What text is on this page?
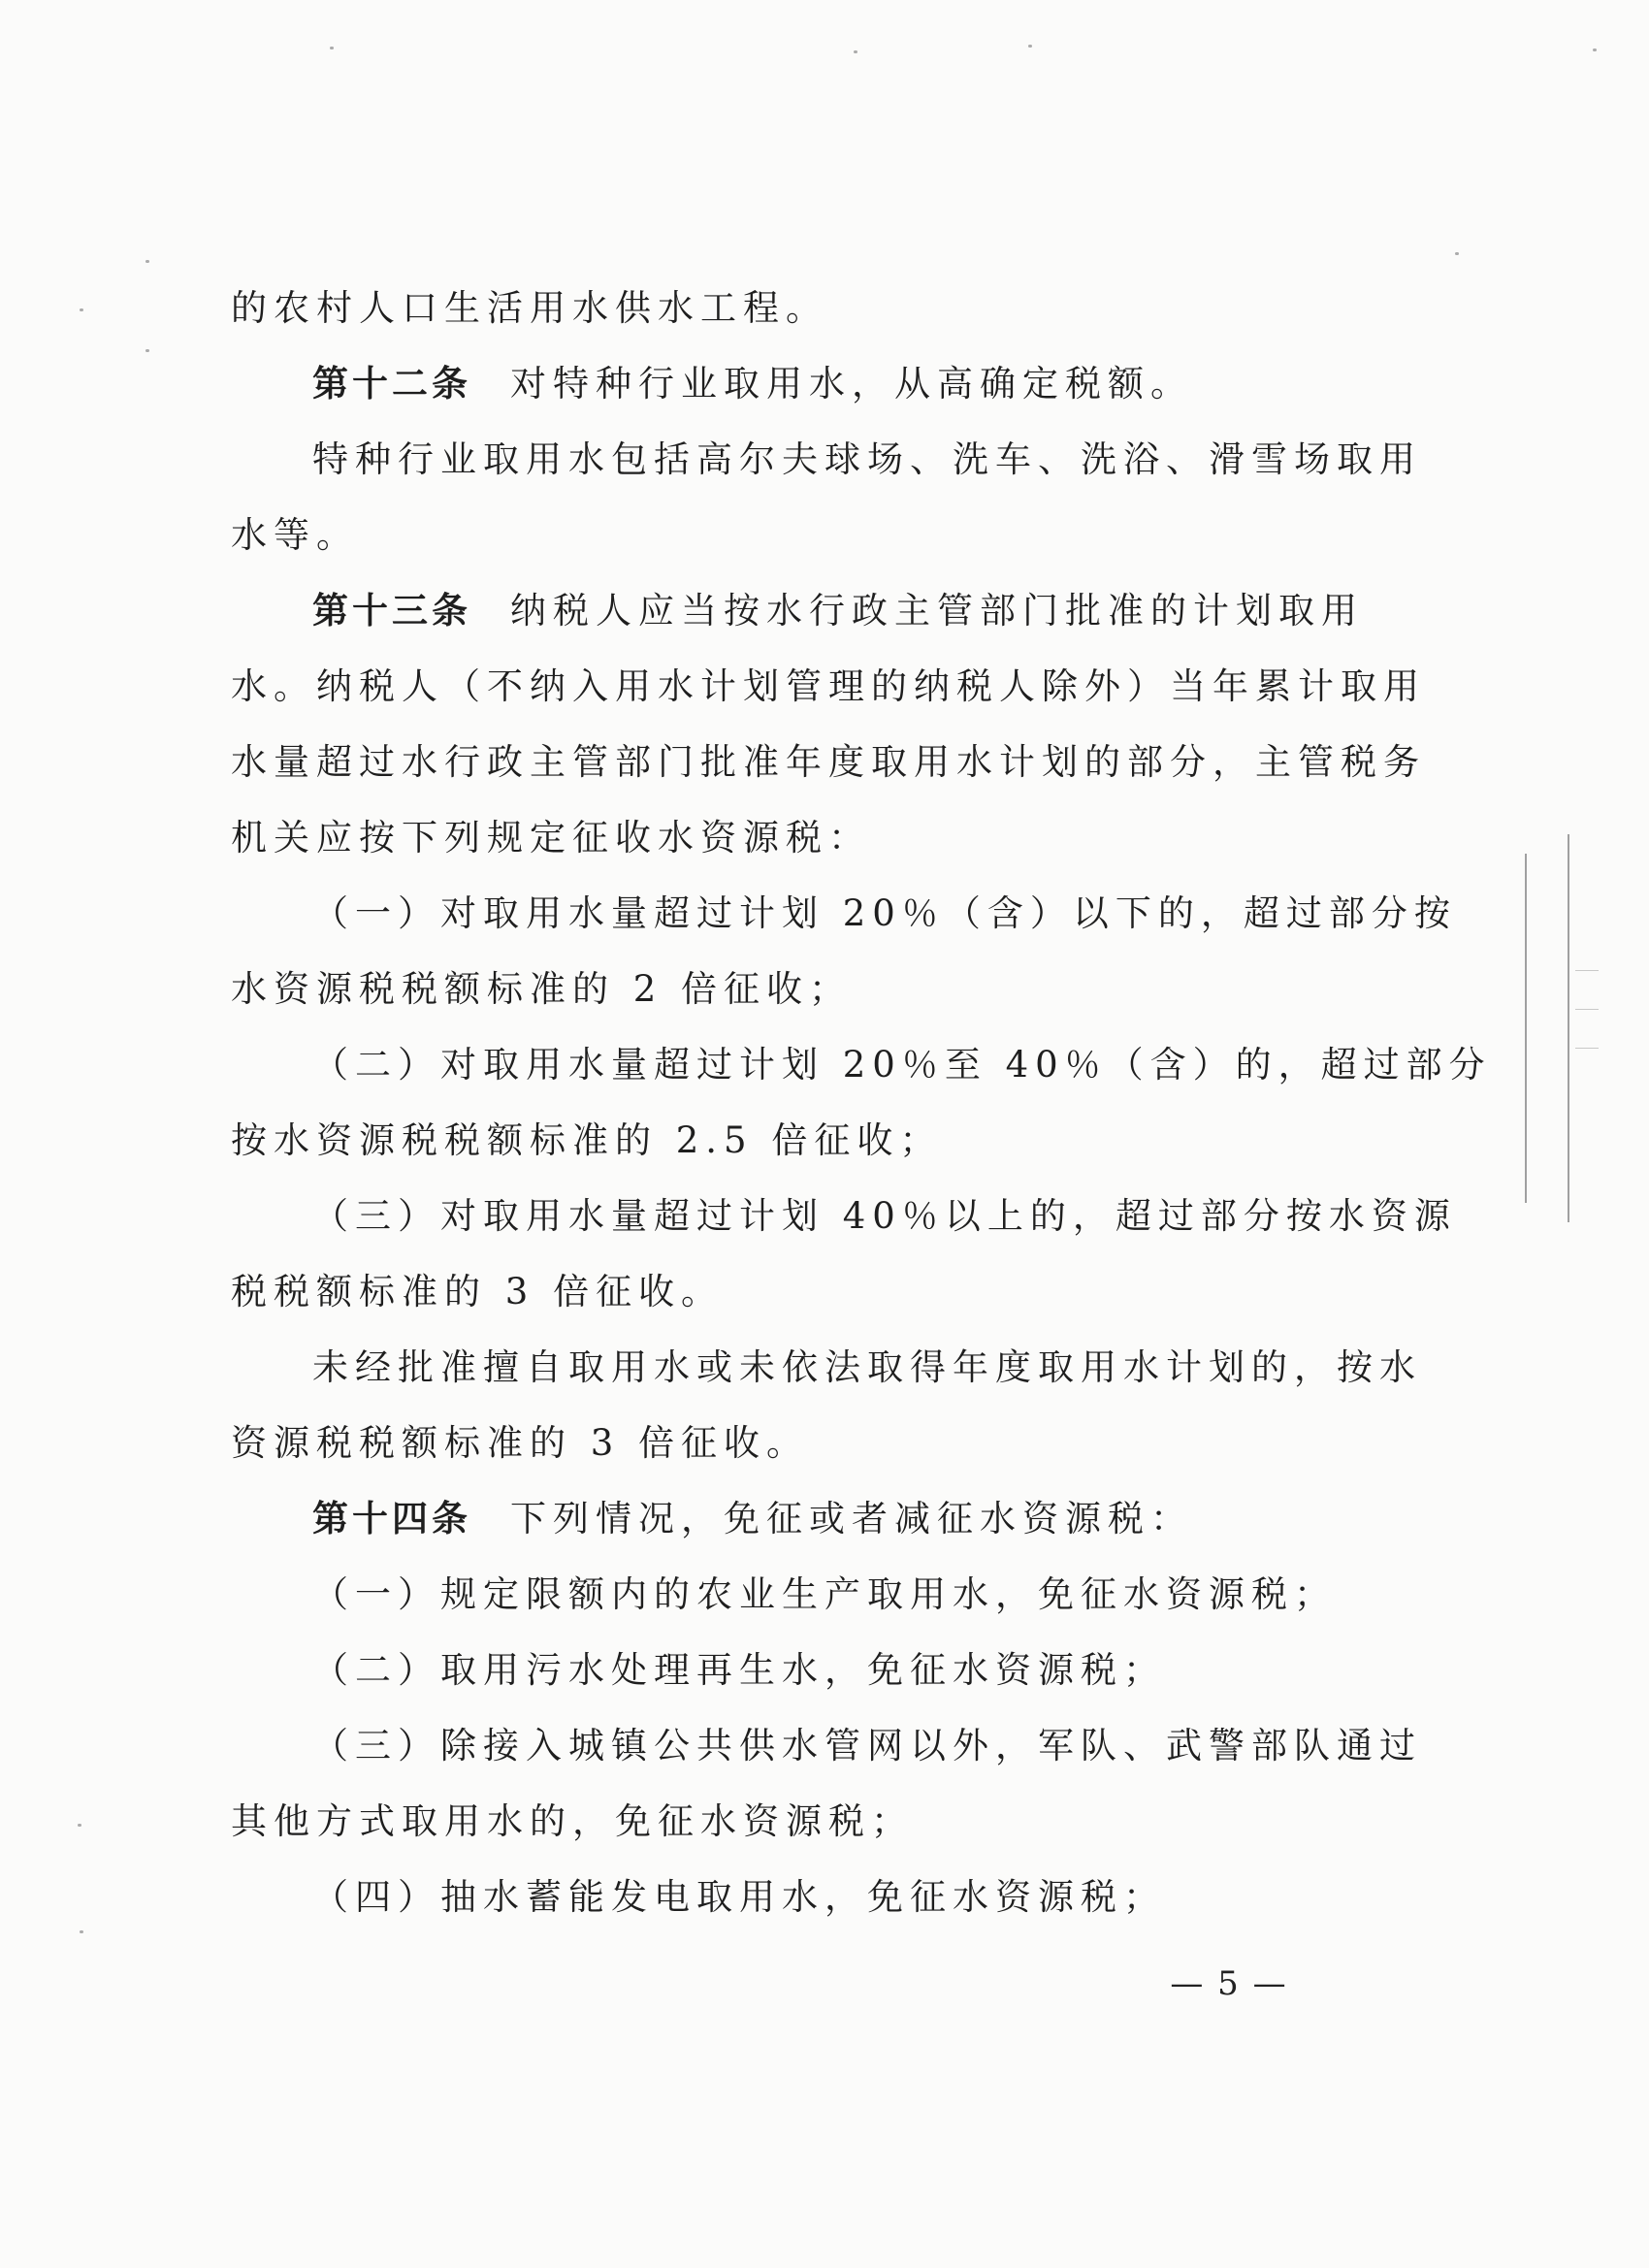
的农村人口生活用水供水工程。
第十二条 对特种行业取用水，从高确定税额。
特种行业取用水包括高尔夫球场、洗车、洗浴、滑雪场取用
水等。
第十三条 纳税人应当按水行政主管部门批准的计划取用
水。纳税人（不纳入用水计划管理的纳税人除外）当年累计取用
水量超过水行政主管部门批准年度取用水计划的部分，主管税务
机关应按下列规定征收水资源税：
（一）对取用水量超过计划 20％（含）以下的，超过部分按
水资源税税额标准的 2 倍征收；
（二）对取用水量超过计划 20％至 40％（含）的，超过部分
按水资源税税额标准的 2.5 倍征收；
（三）对取用水量超过计划 40％以上的，超过部分按水资源
税税额标准的 3 倍征收。
未经批准擅自取用水或未依法取得年度取用水计划的，按水
资源税税额标准的 3 倍征收。
第十四条 下列情况，免征或者减征水资源税：
（一）规定限额内的农业生产取用水，免征水资源税；
（二）取用污水处理再生水，免征水资源税；
（三）除接入城镇公共供水管网以外，军队、武警部队通过
其他方式取用水的，免征水资源税；
（四）抽水蓄能发电取用水，免征水资源税；
— 5 —
